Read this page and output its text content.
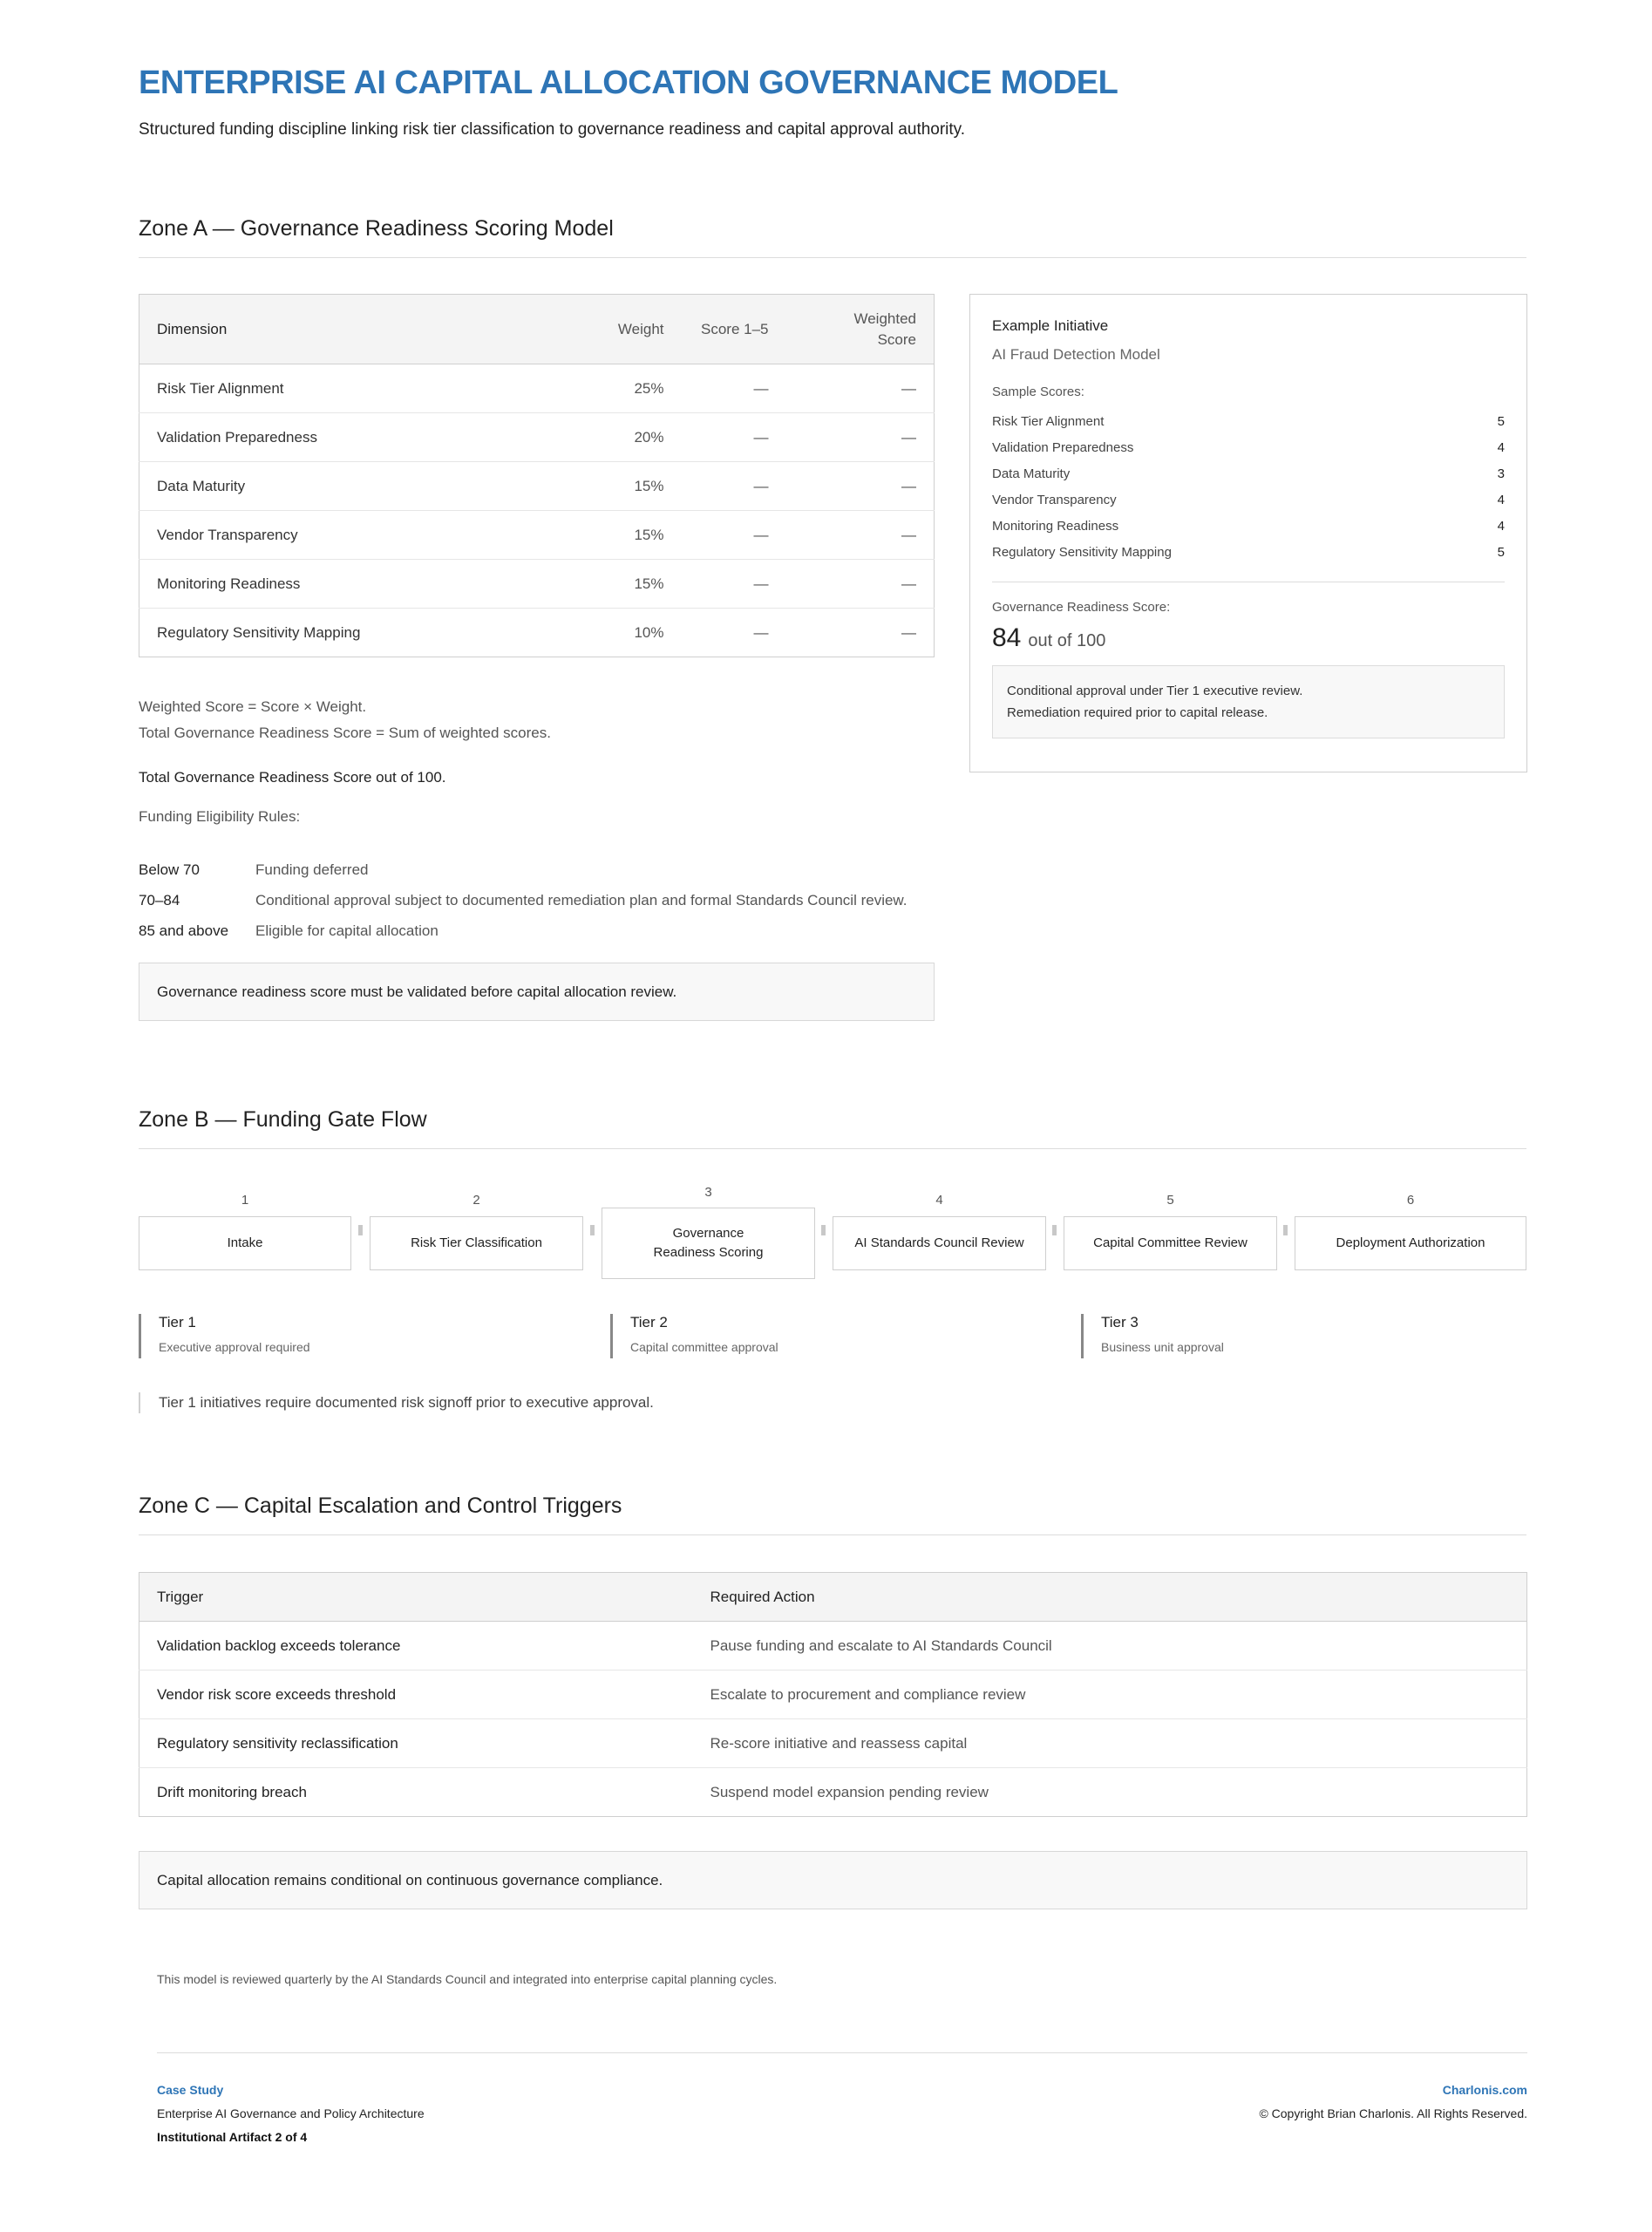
ENTERPRISE AI CAPITAL ALLOCATION GOVERNANCE MODEL
Structured funding discipline linking risk tier classification to governance readiness and capital approval authority.
Zone A — Governance Readiness Scoring Model
Dimension	Weight	Score 1–5	Weighted Score
Risk Tier Alignment	25%	—	—
Validation Preparedness	20%	—	—
Data Maturity	15%	—	—
Vendor Transparency	15%	—	—
Monitoring Readiness	15%	—	—
Regulatory Sensitivity Mapping	10%	—	—
Weighted Score = Score × Weight.
Total Governance Readiness Score = Sum of weighted scores.
Total Governance Readiness Score out of 100.
Funding Eligibility Rules:
Below 70	Funding deferred
70–84	Conditional approval subject to documented remediation plan and formal Standards Council review.
85 and above	Eligible for capital allocation
Governance readiness score must be validated before capital allocation review.
Example Initiative
AI Fraud Detection Model
Sample Scores:
Risk Tier Alignment	5
Validation Preparedness	4
Data Maturity	3
Vendor Transparency	4
Monitoring Readiness	4
Regulatory Sensitivity Mapping	5
Governance Readiness Score:
84 out of 100
Conditional approval under Tier 1 executive review.
Remediation required prior to capital release.
Zone B — Funding Gate Flow
1
Intake
2
Risk Tier Classification
3
Governance
Readiness Scoring
4
AI Standards Council Review
5
Capital Committee Review
6
Deployment Authorization
Tier 1
Executive approval required
Tier 2
Capital committee approval
Tier 3
Business unit approval
Tier 1 initiatives require documented risk signoff prior to executive approval.
Zone C — Capital Escalation and Control Triggers
Trigger	Required Action
Validation backlog exceeds tolerance	Pause funding and escalate to AI Standards Council
Vendor risk score exceeds threshold	Escalate to procurement and compliance review
Regulatory sensitivity reclassification	Re-score initiative and reassess capital
Drift monitoring breach	Suspend model expansion pending review
Capital allocation remains conditional on continuous governance compliance.
This model is reviewed quarterly by the AI Standards Council and integrated into enterprise capital planning cycles.
Case Study
Enterprise AI Governance and Policy Architecture
Institutional Artifact 2 of 4
Charlonis.com
© Copyright Brian Charlonis. All Rights Reserved.
